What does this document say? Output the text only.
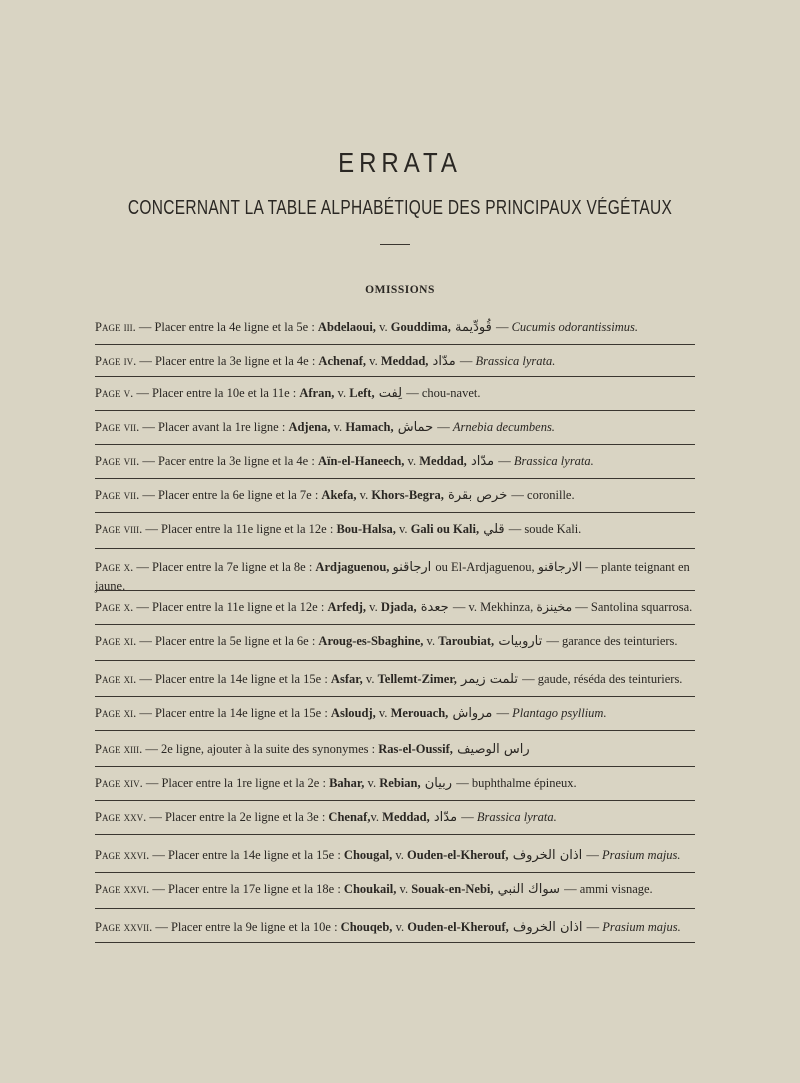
ERRATA
CONCERNANT LA TABLE ALPHABÉTIQUE DES PRINCIPAUX VÉGÉTAUX
OMISSIONS
Page iii. — Placer entre la 4e ligne et la 5e : Abdelaoui, v. Gouddima, قُودِّيمة — Cucumis odorantissimus.
Page iv. — Placer entre la 3e ligne et la 4e : Achenaf, v. Meddad, مدّاد — Brassica lyrata.
Page v. — Placer entre la 10e et la 11e : Afran, v. Left, لِفت — chou-navet.
Page vii. — Placer avant la 1re ligne : Adjena, v. Hamach, حماش — Arnebia decumbens.
Page vii. — Pacer entre la 3e ligne et la 4e : Aïn-el-Haneech, v. Meddad, مدّاد — Brassica lyrata.
Page vii. — Placer entre la 6e ligne et la 7e : Akefa, v. Khors-Begra, خرص بقرة — coronille.
Page viii. — Placer entre la 11e ligne et la 12e : Bou-Halsa, v. Gali ou Kali, قلي — soude Kali.
Page x. — Placer entre la 7e ligne et la 8e : Ardjaguenou, ارجاقنو ou El-Ardjaguenou, الارجاقنو — plante teignant en jaune.
Page x. — Placer entre la 11e ligne et la 12e : Arfedj, v. Djada, جعدة — v. Mekhinza, مخينزة — Santolina squarrosa.
Page xi. — Placer entre la 5e ligne et la 6e : Aroug-es-Sbaghine, v. Taroubiat, تاروبيات — garance des teinturiers.
Page xi. — Placer entre la 14e ligne et la 15e : Asfar, v. Tellemt-Zimer, تلمت زيمر — gaude, réséda des teinturiers.
Page xi. — Placer entre la 14e ligne et la 15e : Asloudj, v. Merouach, مرواش — Plantago psyllium.
Page xiii. — 2e ligne, ajouter à la suite des synonymes : Ras-el-Oussif, راس الوصيف
Page xiv. — Placer entre la 1re ligne et la 2e : Bahar, v. Rebian, ربيان — buphthalme épineux.
Page xxv. — Placer entre la 2e ligne et la 3e : Chenaf,v. Meddad, مدّاد — Brassica lyrata.
Page xxvi. — Placer entre la 14e ligne et la 15e : Chougal, v. Ouden-el-Kherouf, اذان الخروف — Prasium majus.
Page xxvi. — Placer entre la 17e ligne et la 18e : Choukail, v. Souak-en-Nebi, سواك النبي — ammi visnage.
Page xxvii. — Placer entre la 9e ligne et la 10e : Chouqeb, v. Ouden-el-Kherouf, اذان الخروف — Prasium majus.
